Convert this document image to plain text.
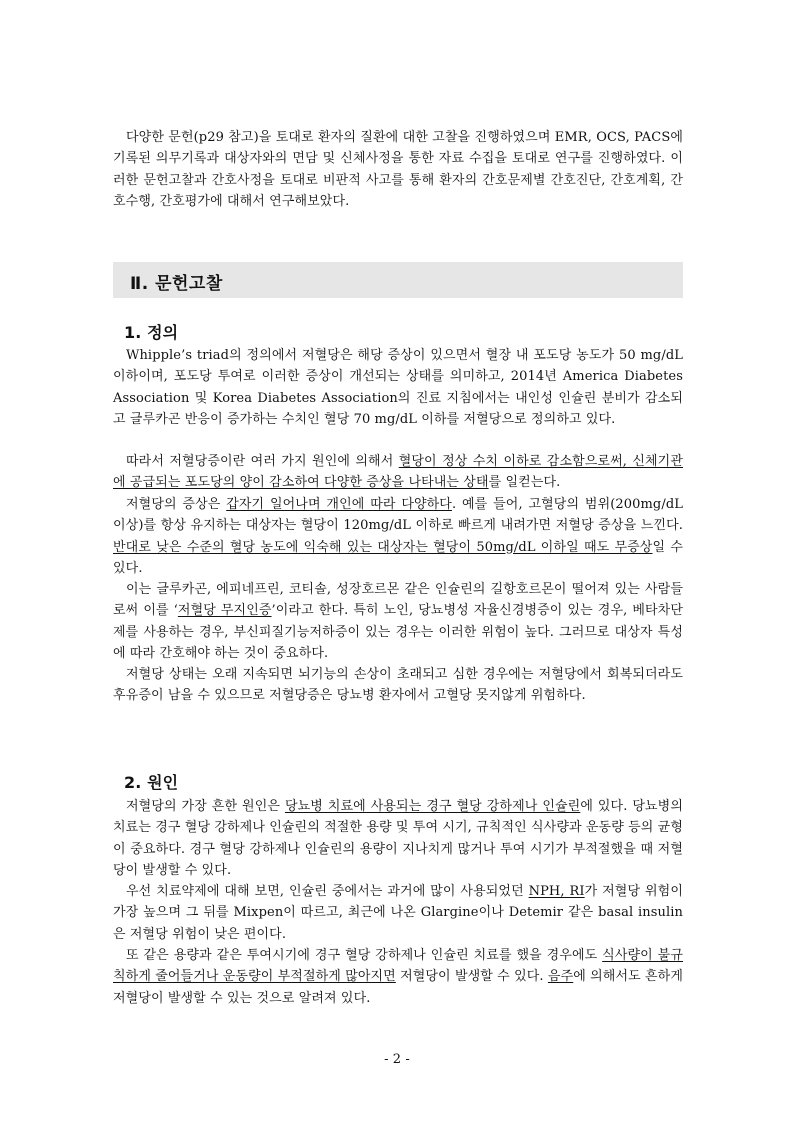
다양한 문헌(p29 참고)을 토대로 환자의 질환에 대한 고찰을 진행하였으며 EMR, OCS, PACS에 기록된 의무기록과 대상자와의 면담 및 신체사정을 통한 자료 수집을 토대로 연구를 진행하였다. 이러한 문헌고찰과 간호사정을 토대로 비판적 사고를 통해 환자의 간호문제별 간호진단, 간호계획, 간호수행, 간호평가에 대해서 연구해보았다.

Ⅱ. 문헌고찰
1. 정의

Whipple’s triad의 정의에서 저혈당은 해당 증상이 있으면서 혈장 내 포도당 농도가 50 mg/dL 이하이며, 포도당 투여로 이러한 증상이 개선되는 상태를 의미하고, 2014년 America Diabetes Association 및 Korea Diabetes Association의 진료 지침에서는 내인성 인슐린 분비가 감소되고 글루카곤 반응이 증가하는 수치인 혈당 70 mg/dL 이하를 저혈당으로 정의하고 있다.

따라서 저혈당증이란 여러 가지 원인에 의해서 혈당이 정상 수치 이하로 감소함으로써, 신체기관에 공급되는 포도당의 양이 감소하여 다양한 증상을 나타내는 상태를 일컫는다.

저혈당의 증상은 갑자기 일어나며 개인에 따라 다양하다. 예를 들어, 고혈당의 범위(200mg/dL 이상)를 항상 유지하는 대상자는 혈당이 120mg/dL 이하로 빠르게 내려가면 저혈당 증상을 느낀다. 반대로 낮은 수준의 혈당 농도에 익숙해 있는 대상자는 혈당이 50mg/dL 이하일 때도 무증상일 수 있다.

이는 글루카곤, 에피네프린, 코티솔, 성장호르몬 같은 인슐린의 길항호르몬이 떨어져 있는 사람들로써 이를 ‘저혈당 무지인증’이라고 한다. 특히 노인, 당뇨병성 자율신경병증이 있는 경우, 베타차단제를 사용하는 경우, 부신피질기능저하증이 있는 경우는 이러한 위험이 높다. 그러므로 대상자 특성에 따라 간호해야 하는 것이 중요하다.

저혈당 상태는 오래 지속되면 뇌기능의 손상이 초래되고 심한 경우에는 저혈당에서 회복되더라도 후유증이 남을 수 있으므로 저혈당증은 당뇨병 환자에서 고혈당 못지않게 위험하다.

2. 원인

저혈당의 가장 흔한 원인은 당뇨병 치료에 사용되는 경구 혈당 강하제나 인슐린에 있다. 당뇨병의 치료는 경구 혈당 강하제나 인슐린의 적절한 용량 및 투여 시기, 규칙적인 식사량과 운동량 등의 균형이 중요하다. 경구 혈당 강하제나 인슐린의 용량이 지나치게 많거나 투여 시기가 부적절했을 때 저혈당이 발생할 수 있다.

우선 치료약제에 대해 보면, 인슐린 중에서는 과거에 많이 사용되었던 NPH, RI가 저혈당 위험이 가장 높으며 그 뒤를 Mixpen이 따르고, 최근에 나온 Glargine이나 Detemir 같은 basal insulin은 저혈당 위험이 낮은 편이다.

또 같은 용량과 같은 투여시기에 경구 혈당 강하제나 인슐린 치료를 했을 경우에도 식사량이 불규칙하게 줄어들거나 운동량이 부적절하게 많아지면 저혈당이 발생할 수 있다. 음주에 의해서도 흔하게 저혈당이 발생할 수 있는 것으로 알려져 있다.

- 2 -
